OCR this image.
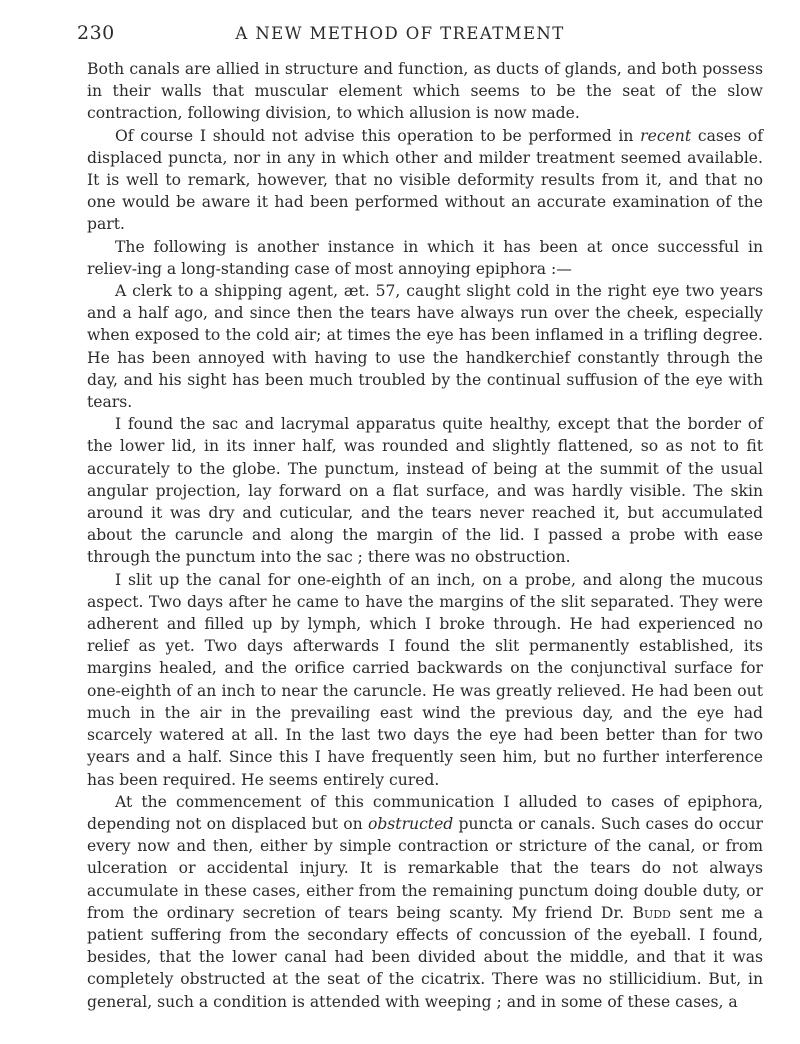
230	A NEW METHOD OF TREATMENT

Both canals are allied in structure and function, as ducts of glands, and both possess in their walls that muscular element which seems to be the seat of the slow contraction, following division, to which allusion is now made.

Of course I should not advise this operation to be performed in recent cases of displaced puncta, nor in any in which other and milder treatment seemed available. It is well to remark, however, that no visible deformity results from it, and that no one would be aware it had been performed without an accurate examination of the part.

The following is another instance in which it has been at once successful in reliev-ing a long-standing case of most annoying epiphora :—

A clerk to a shipping agent, æt. 57, caught slight cold in the right eye two years and a half ago, and since then the tears have always run over the cheek, especially when exposed to the cold air; at times the eye has been inflamed in a trifling degree. He has been annoyed with having to use the handkerchief constantly through the day, and his sight has been much troubled by the continual suffusion of the eye with tears.

I found the sac and lacrymal apparatus quite healthy, except that the border of the lower lid, in its inner half, was rounded and slightly flattened, so as not to fit accurately to the globe. The punctum, instead of being at the summit of the usual angular projection, lay forward on a flat surface, and was hardly visible. The skin around it was dry and cuticular, and the tears never reached it, but accumulated about the caruncle and along the margin of the lid. I passed a probe with ease through the punctum into the sac ; there was no obstruction.

I slit up the canal for one-eighth of an inch, on a probe, and along the mucous aspect. Two days after he came to have the margins of the slit separated. They were adherent and filled up by lymph, which I broke through. He had experienced no relief as yet. Two days afterwards I found the slit permanently established, its margins healed, and the orifice carried backwards on the conjunctival surface for one-eighth of an inch to near the caruncle. He was greatly relieved. He had been out much in the air in the prevailing east wind the previous day, and the eye had scarcely watered at all. In the last two days the eye had been better than for two years and a half. Since this I have frequently seen him, but no further interference has been required. He seems entirely cured.

At the commencement of this communication I alluded to cases of epiphora, depending not on displaced but on obstructed puncta or canals. Such cases do occur every now and then, either by simple contraction or stricture of the canal, or from ulceration or accidental injury. It is remarkable that the tears do not always accumulate in these cases, either from the remaining punctum doing double duty, or from the ordinary secretion of tears being scanty. My friend Dr. Budd sent me a patient suffering from the secondary effects of concussion of the eyeball. I found, besides, that the lower canal had been divided about the middle, and that it was completely obstructed at the seat of the cicatrix. There was no stillicidium. But, in general, such a condition is attended with weeping ; and in some of these cases, a
